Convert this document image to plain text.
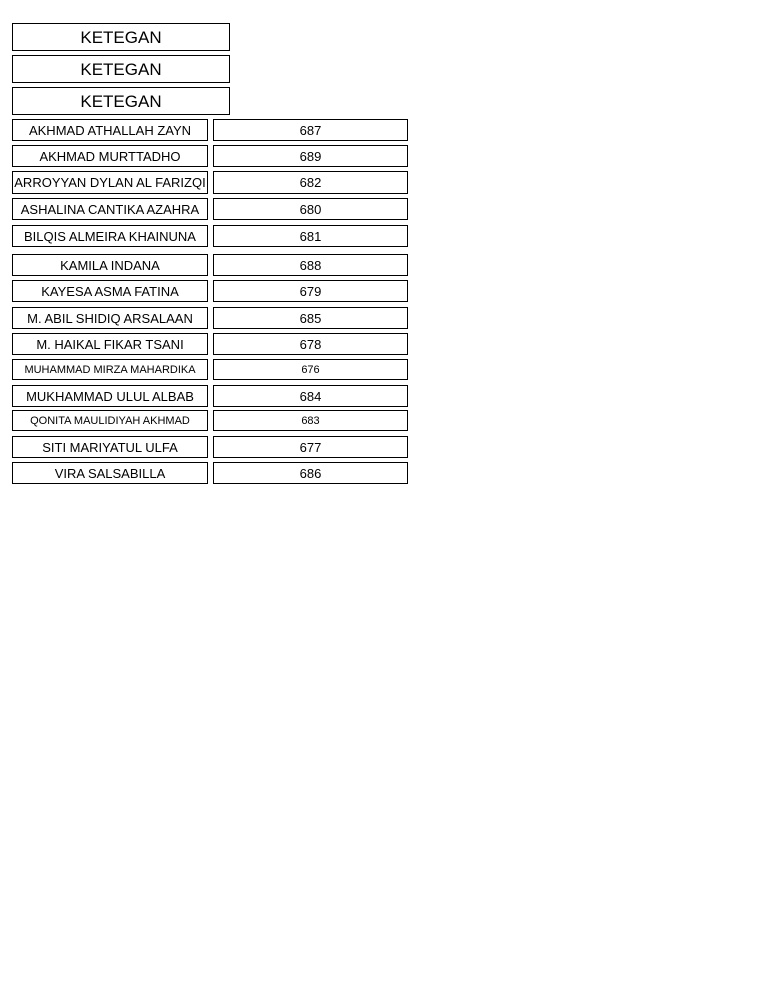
KETEGAN
KETEGAN
KETEGAN
AKHMAD ATHALLAH ZAYN	687
AKHMAD MURTTADHO	689
ARROYYAN DYLAN AL FARIZQI	682
ASHALINA CANTIKA AZAHRA	680
BILQIS ALMEIRA KHAINUNA	681
KAMILA INDANA	688
KAYESA ASMA FATINA	679
M. ABIL SHIDIQ ARSALAAN	685
M. HAIKAL FIKAR TSANI	678
MUHAMMAD MIRZA MAHARDIKA	676
MUKHAMMAD ULUL ALBAB	684
QONITA MAULIDIYAH AKHMAD	683
SITI MARIYATUL ULFA	677
VIRA SALSABILLA	686
